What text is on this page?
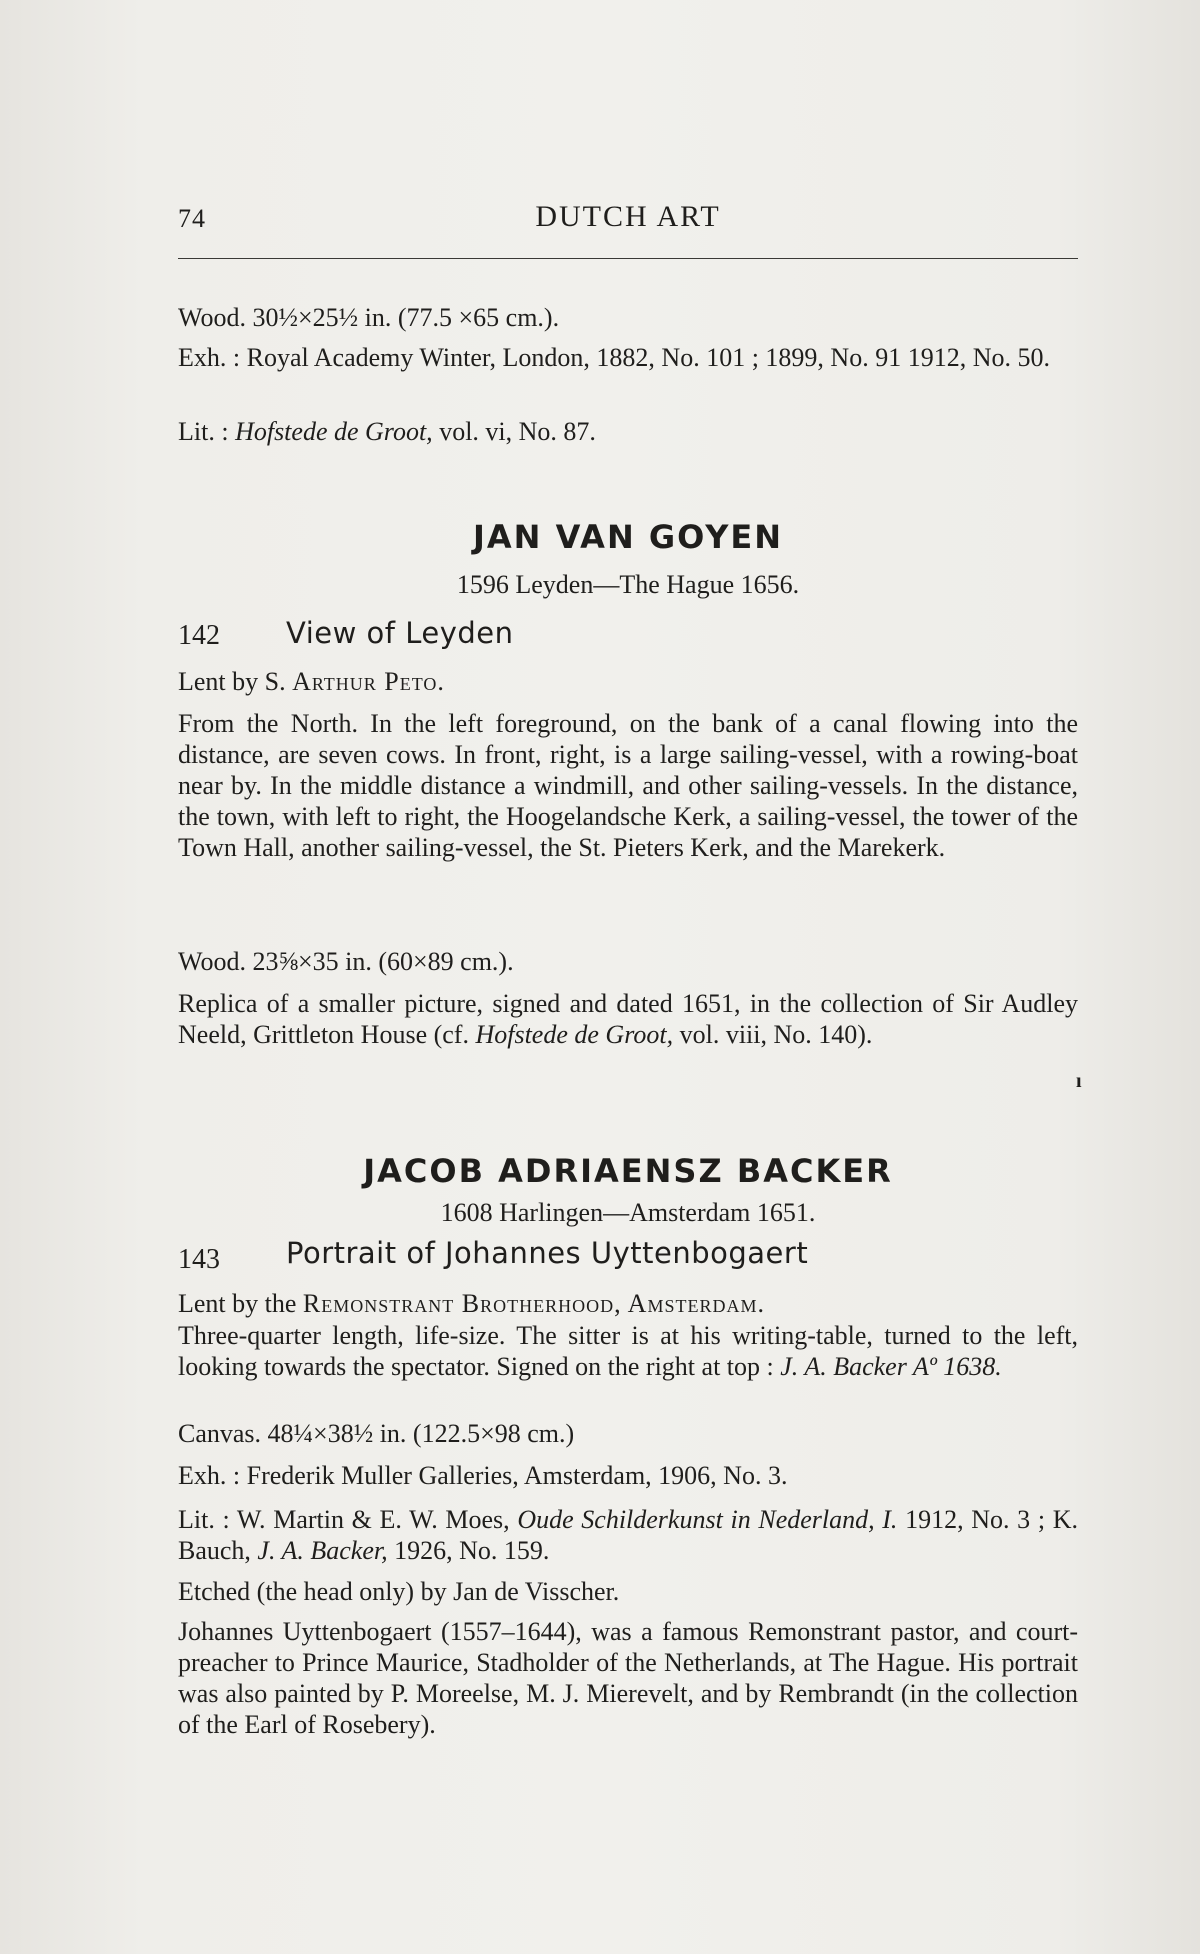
74	DUTCH ART

Wood. 30½×25½ in. (77.5 ×65 cm.).

Exh. : Royal Academy Winter, London, 1882, No. 101 ; 1899, No. 91 1912, No. 50.

Lit. : Hofstede de Groot, vol. vi, No. 87.

JAN VAN GOYEN

1596 Leyden—The Hague 1656.

142 View of Leyden

Lent by S. Arthur Peto.

From the North. In the left foreground, on the bank of a canal flowing into the distance, are seven cows. In front, right, is a large sailing-vessel, with a rowing-boat near by. In the middle distance a windmill, and other sailing-vessels. In the distance, the town, with left to right, the Hoogelandsche Kerk, a sailing-vessel, the tower of the Town Hall, another sailing-vessel, the St. Pieters Kerk, and the Marekerk.

Wood. 23⅝×35 in. (60×89 cm.).

Replica of a smaller picture, signed and dated 1651, in the collection of Sir Audley Neeld, Grittleton House (cf. Hofstede de Groot, vol. viii, No. 140).

ı
JACOB ADRIAENSZ BACKER

1608 Harlingen—Amsterdam 1651.

143 Portrait of Johannes Uyttenbogaert

Lent by the Remonstrant Brotherhood, Amsterdam.

Three-quarter length, life-size. The sitter is at his writing-table, turned to the left, looking towards the spectator. Signed on the right at top : J. A. Backer Aº 1638.

Canvas. 48¼×38½ in. (122.5×98 cm.)

Exh. : Frederik Muller Galleries, Amsterdam, 1906, No. 3.

Lit. : W. Martin & E. W. Moes, Oude Schilderkunst in Nederland, I. 1912, No. 3 ; K. Bauch, J. A. Backer, 1926, No. 159.

Etched (the head only) by Jan de Visscher.

Johannes Uyttenbogaert (1557–1644), was a famous Remonstrant pastor, and court-preacher to Prince Maurice, Stadholder of the Netherlands, at The Hague. His portrait was also painted by P. Moreelse, M. J. Mierevelt, and by Rembrandt (in the collection of the Earl of Rosebery).
